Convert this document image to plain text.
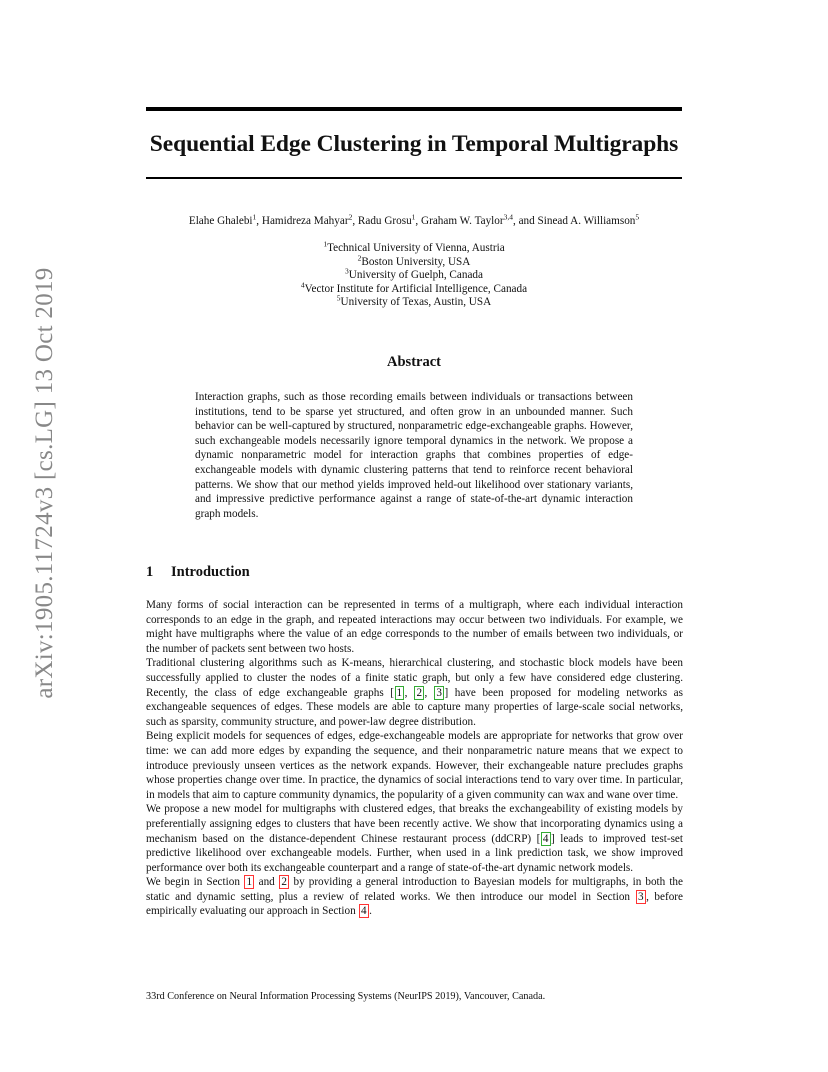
Sequential Edge Clustering in Temporal Multigraphs
Elahe Ghalebi$^1$, Hamidreza Mahyar$^2$, Radu Grosu$^1$, Graham W. Taylor$^{3,4}$, and Sinead A. Williamson$^5$
$^1$Technical University of Vienna, Austria
$^2$Boston University, USA
$^3$University of Guelph, Canada
$^4$Vector Institute for Artificial Intelligence, Canada
$^5$University of Texas, Austin, USA
arXiv:1905.11724v3 [cs.LG] 13 Oct 2019	Abstract

Interaction graphs, such as those recording emails between individuals or transactions between institutions, tend to be sparse yet structured, and often grow in an unbounded manner. Such behavior can be well-captured by structured, nonparametric edge-exchangeable graphs. However, such exchangeable models necessarily ignore temporal dynamics in the network. We propose a dynamic nonparametric model for interaction graphs that combines properties of edge-exchangeable models with dynamic clustering patterns that tend to reinforce recent behavioral patterns. We show that our method yields improved held-out likelihood over stationary variants, and impressive predictive performance against a range of state-of-the-art dynamic interaction graph models.

1 Introduction

Many forms of social interaction can be represented in terms of a multigraph, where each individual interaction corresponds to an edge in the graph, and repeated interactions may occur between two individuals. For example, we might have multigraphs where the value of an edge corresponds to the number of emails between two individuals, or the number of packets sent between two hosts.

Traditional clustering algorithms such as K-means, hierarchical clustering, and stochastic block models have been successfully applied to cluster the nodes of a finite static graph, but only a few have considered edge clustering. Recently, the class of edge exchangeable graphs [ 1 , 2 , 3 ] have been proposed for modeling networks as exchangeable sequences of edges. These models are able to capture many properties of large-scale social networks, such as sparsity, community structure, and power-law degree distribution.

Being explicit models for sequences of edges, edge-exchangeable models are appropriate for networks that grow over time: we can add more edges by expanding the sequence, and their nonparametric nature means that we expect to introduce previously unseen vertices as the network expands. However, their exchangeable nature precludes graphs whose properties change over time. In practice, the dynamics of social interactions tend to vary over time. In particular, in models that aim to capture community dynamics, the popularity of a given community can wax and wane over time.

We propose a new model for multigraphs with clustered edges, that breaks the exchangeability of existing models by preferentially assigning edges to clusters that have been recently active. We show that incorporating dynamics using a mechanism based on the distance-dependent Chinese restaurant process (ddCRP) [ 4 ] leads to improved test-set predictive likelihood over exchangeable models. Further, when used in a link prediction task, we show improved performance over both its exchangeable counterpart and a range of state-of-the-art dynamic network models.

We begin in Section 1 and 2 by providing a general introduction to Bayesian models for multigraphs, in both the static and dynamic setting, plus a review of related works. We then introduce our model in Section 3 , before empirically evaluating our approach in Section 4 .

33rd Conference on Neural Information Processing Systems (NeurIPS 2019), Vancouver, Canada.
